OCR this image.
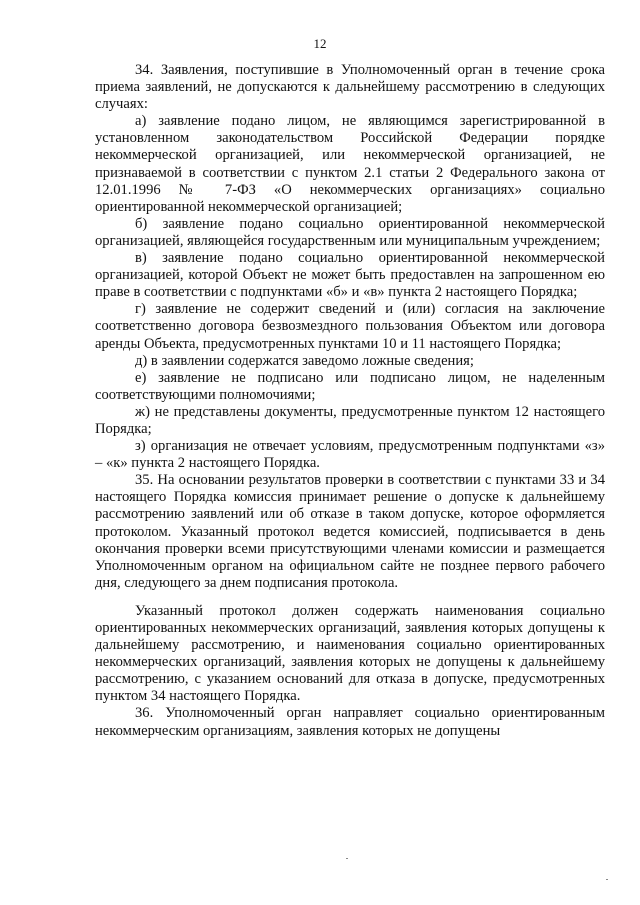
12

34. Заявления, поступившие в Уполномоченный орган в течение срока приема заявлений, не допускаются к дальнейшему рассмотрению в следующих случаях:

а) заявление подано лицом, не являющимся зарегистрированной в установленном законодательством Российской Федерации порядке некоммерческой организацией, или некоммерческой организацией, не признаваемой в соответствии с пунктом 2.1 статьи 2 Федерального закона от 12.01.1996 № 7-ФЗ «О некоммерческих организациях» социально ориентированной некоммерческой организацией;

б) заявление подано социально ориентированной некоммерческой организацией, являющейся государственным или муниципальным учреждением;

в) заявление подано социально ориентированной некоммерческой организацией, которой Объект не может быть предоставлен на запрошенном ею праве в соответствии с подпунктами «б» и «в» пункта 2 настоящего Порядка;

г) заявление не содержит сведений и (или) согласия на заключение соответственно договора безвозмездного пользования Объектом или договора аренды Объекта, предусмотренных пунктами 10 и 11 настоящего Порядка;

д) в заявлении содержатся заведомо ложные сведения;

е) заявление не подписано или подписано лицом, не наделенным соответствующими полномочиями;

ж) не представлены документы, предусмотренные пунктом 12 настоящего Порядка;

з) организация не отвечает условиям, предусмотренным подпунктами «з» – «к» пункта 2 настоящего Порядка.

35. На основании результатов проверки в соответствии с пунктами 33 и 34 настоящего Порядка комиссия принимает решение о допуске к дальнейшему рассмотрению заявлений или об отказе в таком допуске, которое оформляется протоколом. Указанный протокол ведется комиссией, подписывается в день окончания проверки всеми присутствующими членами комиссии и размещается Уполномоченным органом на официальном сайте не позднее первого рабочего дня, следующего за днем подписания протокола.

Указанный протокол должен содержать наименования социально ориентированных некоммерческих организаций, заявления которых допущены к дальнейшему рассмотрению, и наименования социально ориентированных некоммерческих организаций, заявления которых не допущены к дальнейшему рассмотрению, с указанием оснований для отказа в допуске, предусмотренных пунктом 34 настоящего Порядка.

36. Уполномоченный орган направляет социально ориентированным некоммерческим организациям, заявления которых не допущены
